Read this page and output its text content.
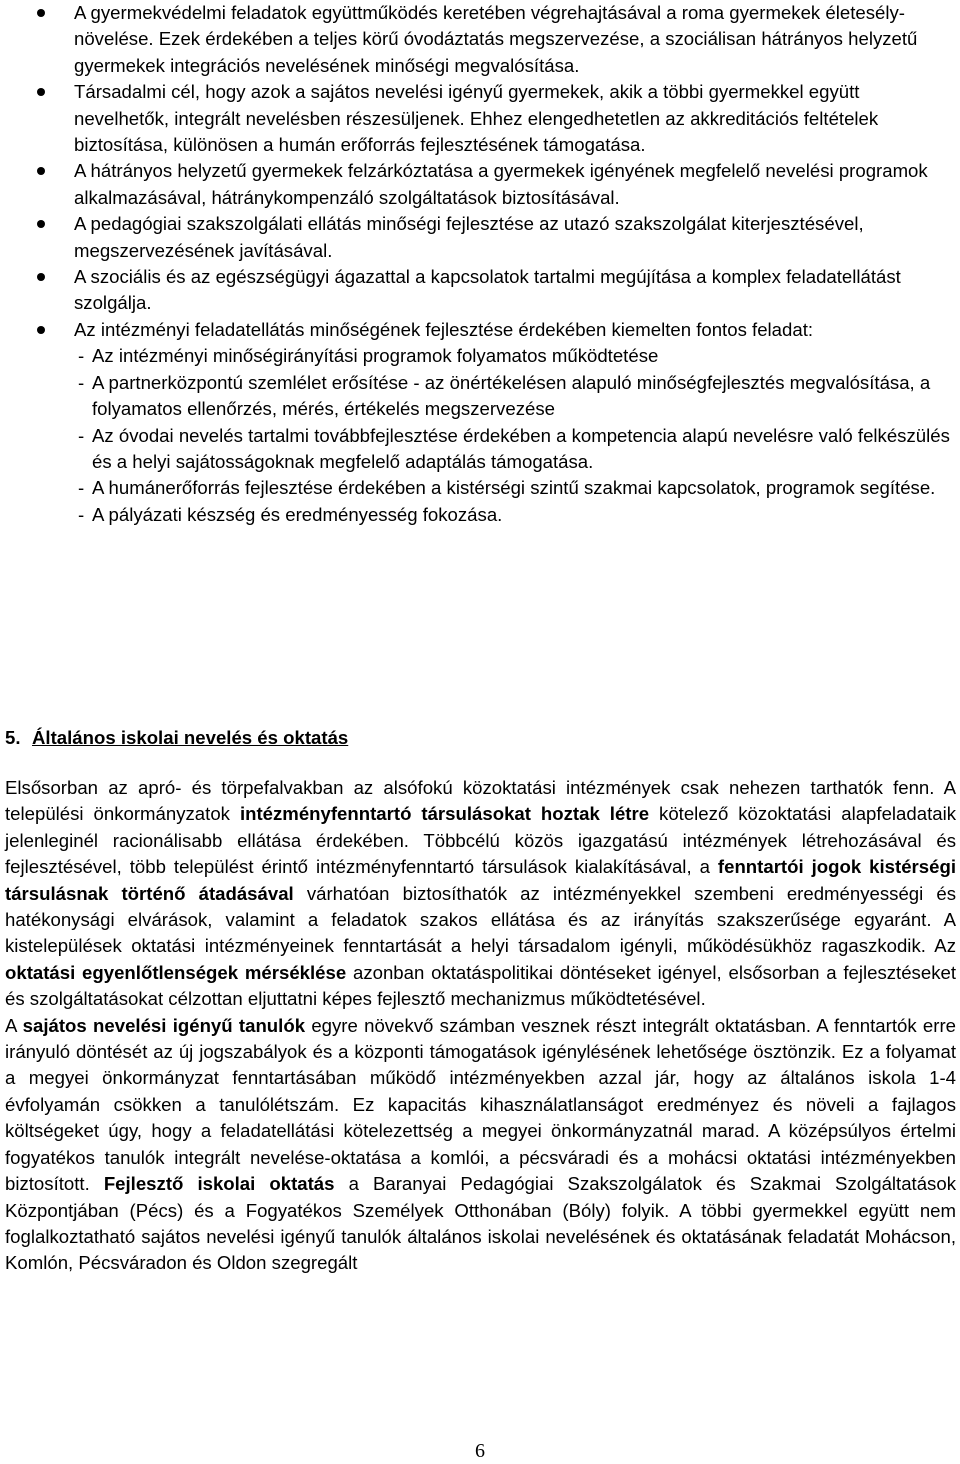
A gyermekvédelmi feladatok együttműködés keretében végrehajtásával a roma gyermekek életesély- növelése. Ezek érdekében a teljes körű óvodáztatás megszervezése, a szociálisan hátrányos helyzetű gyermekek integrációs nevelésének minőségi megvalósítása.
Társadalmi cél, hogy azok a sajátos nevelési igényű gyermekek, akik a többi gyermekkel együtt nevelhetők, integrált nevelésben részesüljenek. Ehhez elengedhetetlen az akkreditációs feltételek biztosítása, különösen a humán erőforrás fejlesztésének támogatása.
A hátrányos helyzetű gyermekek felzárkóztatása a gyermekek igényének megfelelő nevelési programok alkalmazásával, hátránykompenzáló szolgáltatások biztosításával.
A pedagógiai szakszolgálati ellátás minőségi fejlesztése az utazó szakszolgálat kiterjesztésével, megszervezésének javításával.
A szociális és az egészségügyi ágazattal a kapcsolatok tartalmi megújítása a komplex feladatellátást szolgálja.
Az intézményi feladatellátás minőségének fejlesztése érdekében kiemelten fontos feladat:
- Az intézményi minőségirányítási programok folyamatos működtetése
- A partnerközpontú szemlélet erősítése - az önértékelésen alapuló minőségfejlesztés megvalósítása, a folyamatos ellenőrzés, mérés, értékelés megszervezése
- Az óvodai nevelés tartalmi továbbfejlesztése érdekében a kompetencia alapú nevelésre való felkészülés és a helyi sajátosságoknak megfelelő adaptálás támogatása.
- A humánerőforrás fejlesztése érdekében a kistérségi szintű szakmai kapcsolatok, programok segítése.
- A pályázati készség és eredményesség fokozása.
5. Általános iskolai nevelés és oktatás

Elsősorban az apró- és törpefalvakban az alsófokú közoktatási intézmények csak nehezen tarthatók fenn. A települési önkormányzatok intézményfenntartó társulásokat hoztak létre kötelező közoktatási alapfeladataik jelenleginél racionálisabb ellátása érdekében. Többcélú közös igazgatású intézmények létrehozásával és fejlesztésével, több települést érintő intézményfenntartó társulások kialakításával, a fenntartói jogok kistérségi társulásnak történő átadásával várhatóan biztosíthatók az intézményekkel szembeni eredményességi és hatékonysági elvárások, valamint a feladatok szakos ellátása és az irányítás szakszerűsége egyaránt. A kistelepülések oktatási intézményeinek fenntartását a helyi társadalom igényli, működésükhöz ragaszkodik. Az oktatási egyenlőtlenségek mérséklése azonban oktatáspolitikai döntéseket igényel, elsősorban a fejlesztéseket és szolgáltatásokat célzottan eljuttatni képes fejlesztő mechanizmus működtetésével.

A sajátos nevelési igényű tanulók egyre növekvő számban vesznek részt integrált oktatásban. A fenntartók erre irányuló döntését az új jogszabályok és a központi támogatások igénylésének lehetősége ösztönzik. Ez a folyamat a megyei önkormányzat fenntartásában működő intézményekben azzal jár, hogy az általános iskola 1-4 évfolyamán csökken a tanulólétszám. Ez kapacitás kihasználatlanságot eredményez és növeli a fajlagos költségeket úgy, hogy a feladatellátási kötelezettség a megyei önkormányzatnál marad. A középsúlyos értelmi fogyatékos tanulók integrált nevelése-oktatása a komlói, a pécsváradi és a mohácsi oktatási intézményekben biztosított. Fejlesztő iskolai oktatás a Baranyai Pedagógiai Szakszolgálatok és Szakmai Szolgáltatások Központjában (Pécs) és a Fogyatékos Személyek Otthonában (Bóly) folyik. A többi gyermekkel együtt nem foglalkoztatható sajátos nevelési igényű tanulók általános iskolai nevelésének és oktatásának feladatát Mohácson, Komlón, Pécsváradon és Oldon szegregált

6
